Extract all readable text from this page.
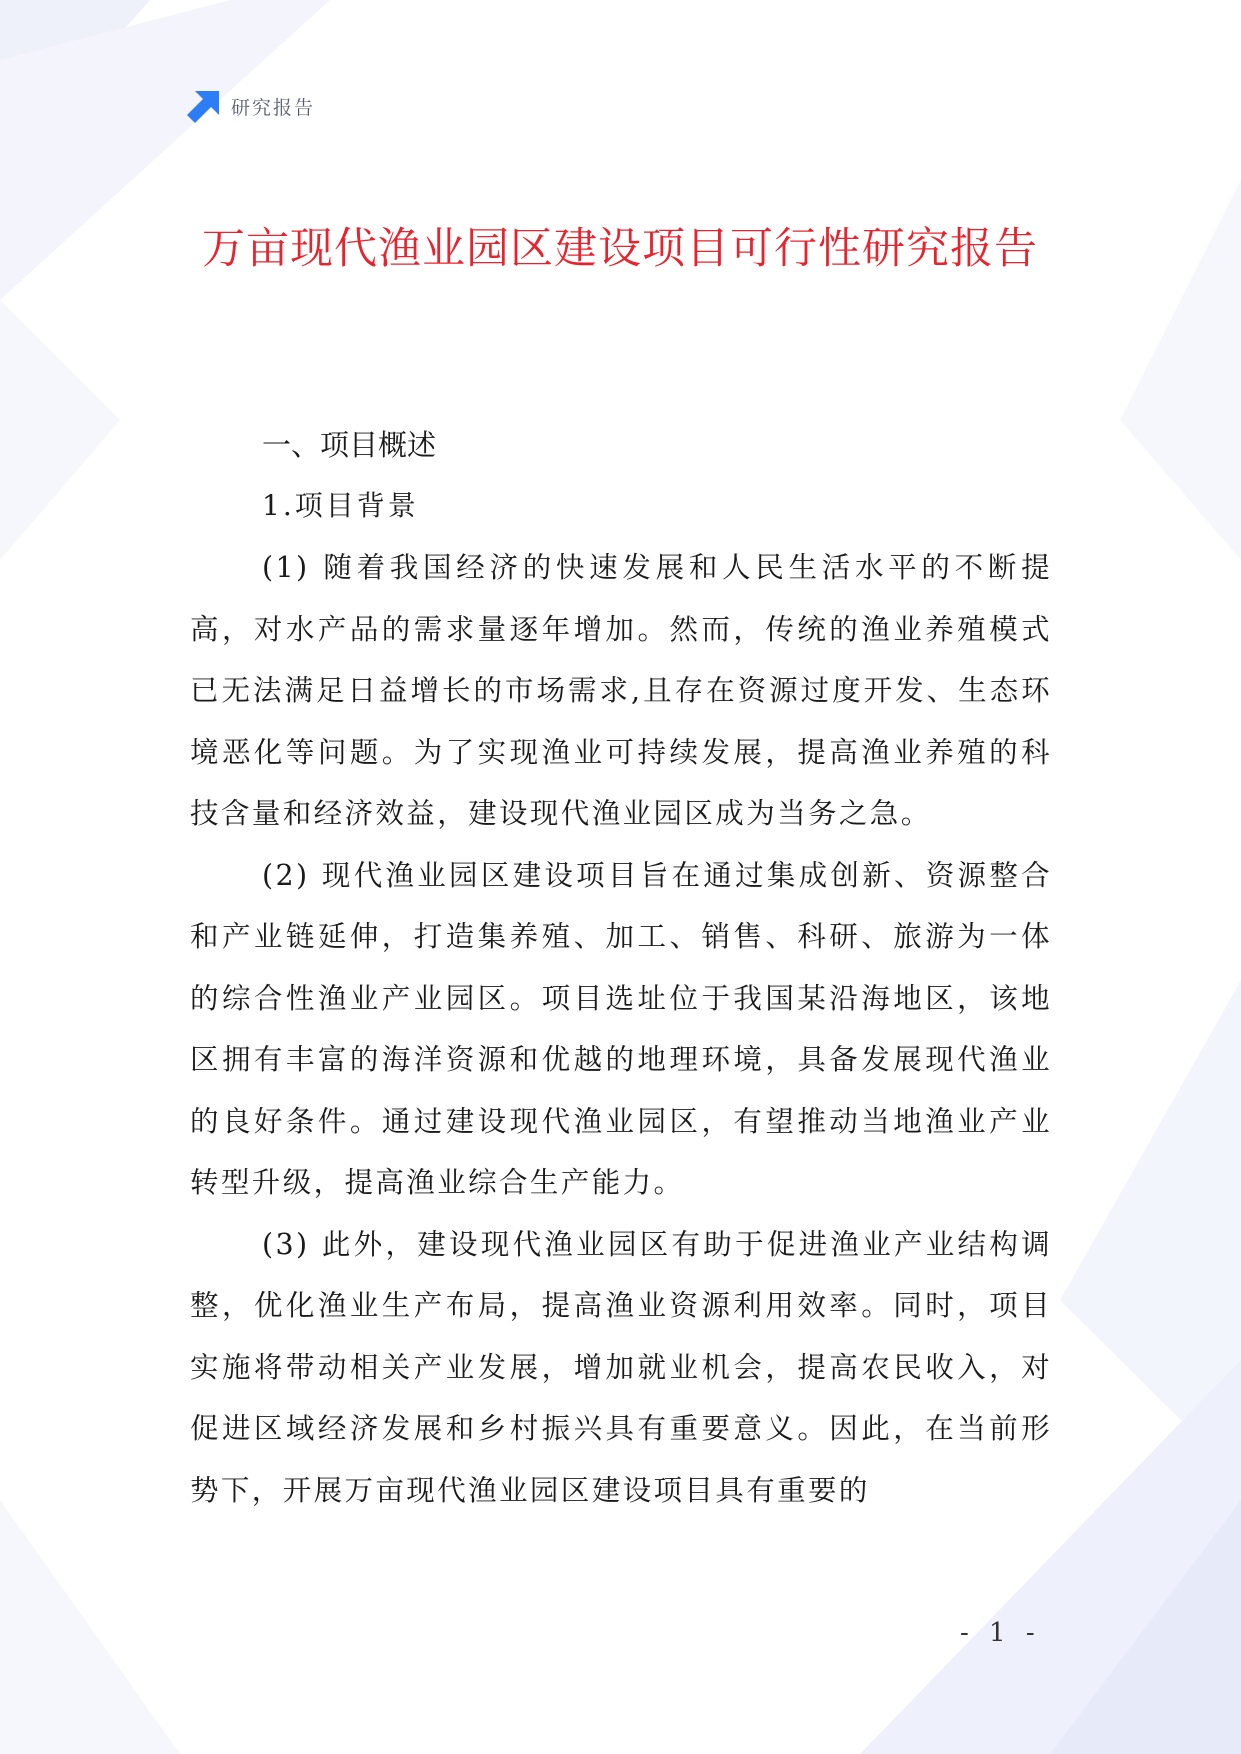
研究报告
万亩现代渔业园区建设项目可行性研究报告
一、项目概述
1.项目背景

(1) 随着我国经济的快速发展和人民生活水平的不断提高，对水产品的需求量逐年增加。然而，传统的渔业养殖模式已无法满足日益增长的市场需求,且存在资源过度开发、生态环境恶化等问题。为了实现渔业可持续发展，提高渔业养殖的科技含量和经济效益，建设现代渔业园区成为当务之急。

(2) 现代渔业园区建设项目旨在通过集成创新、资源整合和产业链延伸，打造集养殖、加工、销售、科研、旅游为一体的综合性渔业产业园区。项目选址位于我国某沿海地区，该地区拥有丰富的海洋资源和优越的地理环境，具备发展现代渔业的良好条件。通过建设现代渔业园区，有望推动当地渔业产业转型升级，提高渔业综合生产能力。

(3) 此外，建设现代渔业园区有助于促进渔业产业结构调整，优化渔业生产布局，提高渔业资源利用效率。同时，项目实施将带动相关产业发展，增加就业机会，提高农民收入，对促进区域经济发展和乡村振兴具有重要意义。因此，在当前形势下，开展万亩现代渔业园区建设项目具有重要的

- 1 -
